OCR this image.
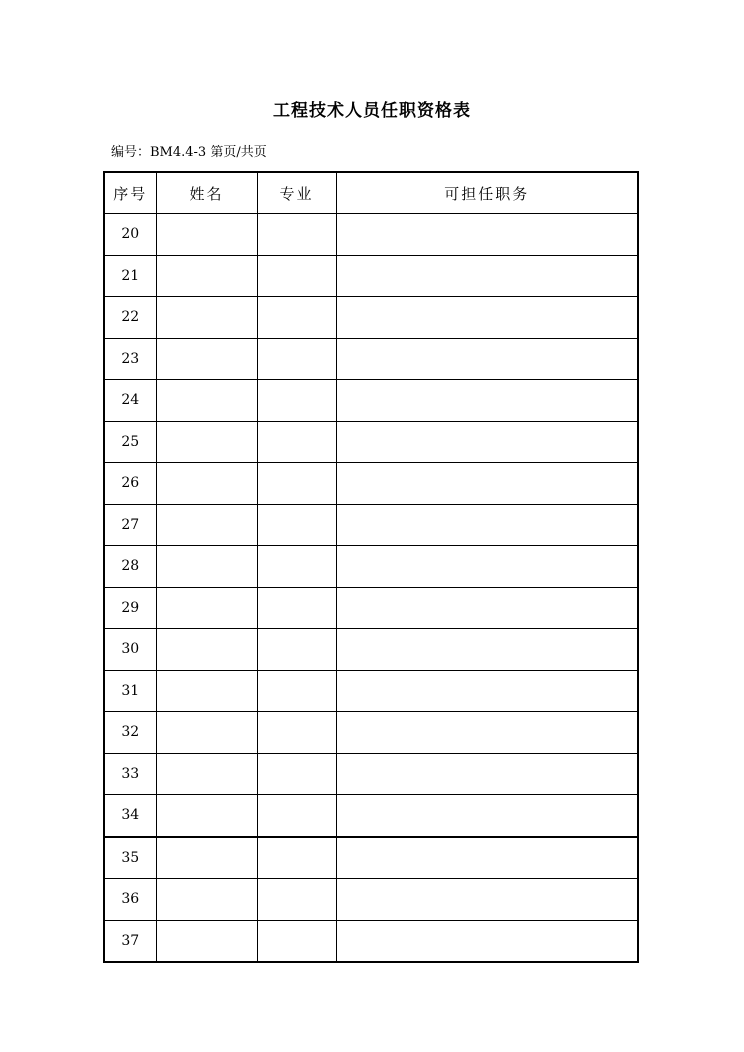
工程技术人员任职资格表
编号：BM4.4-3 第页/共页
序号	姓名	专业	可担任职务
20			
21			
22			
23			
24			
25			
26			
27			
28			
29			
30			
31			
32			
33			
34			
35			
36			
37			
